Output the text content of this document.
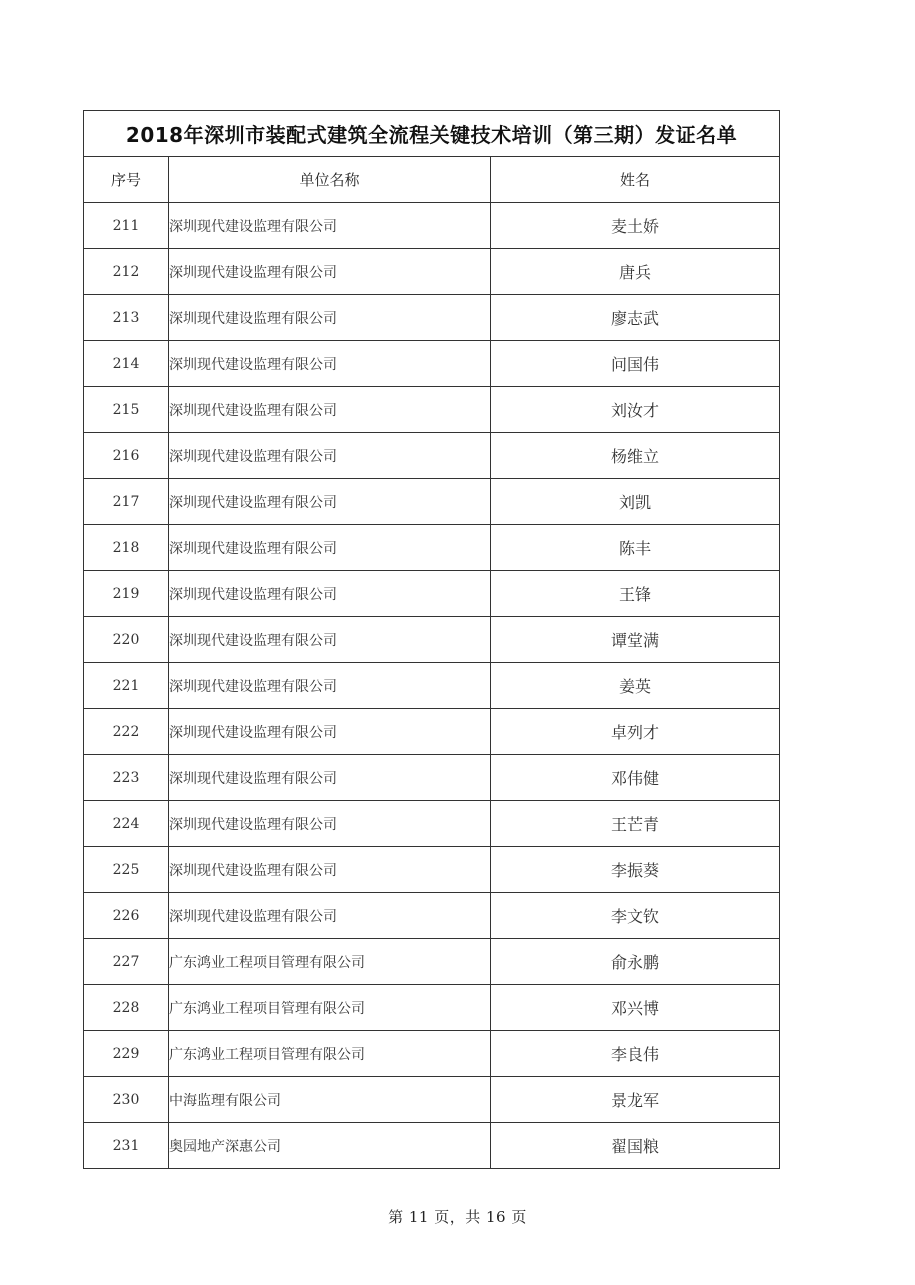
2018年深圳市装配式建筑全流程关键技术培训（第三期）发证名单		
序号	单位名称	姓名
211	深圳现代建设监理有限公司	麦土娇
212	深圳现代建设监理有限公司	唐兵
213	深圳现代建设监理有限公司	廖志武
214	深圳现代建设监理有限公司	问国伟
215	深圳现代建设监理有限公司	刘汝才
216	深圳现代建设监理有限公司	杨维立
217	深圳现代建设监理有限公司	刘凯
218	深圳现代建设监理有限公司	陈丰
219	深圳现代建设监理有限公司	王锋
220	深圳现代建设监理有限公司	谭堂满
221	深圳现代建设监理有限公司	姜英
222	深圳现代建设监理有限公司	卓列才
223	深圳现代建设监理有限公司	邓伟健
224	深圳现代建设监理有限公司	王芒青
225	深圳现代建设监理有限公司	李振葵
226	深圳现代建设监理有限公司	李文钦
227	广东鸿业工程项目管理有限公司	俞永鹏
228	广东鸿业工程项目管理有限公司	邓兴博
229	广东鸿业工程项目管理有限公司	李良伟
230	中海监理有限公司	景龙军
231	奥园地产深惠公司	翟国粮
第 11 页，共 16 页
